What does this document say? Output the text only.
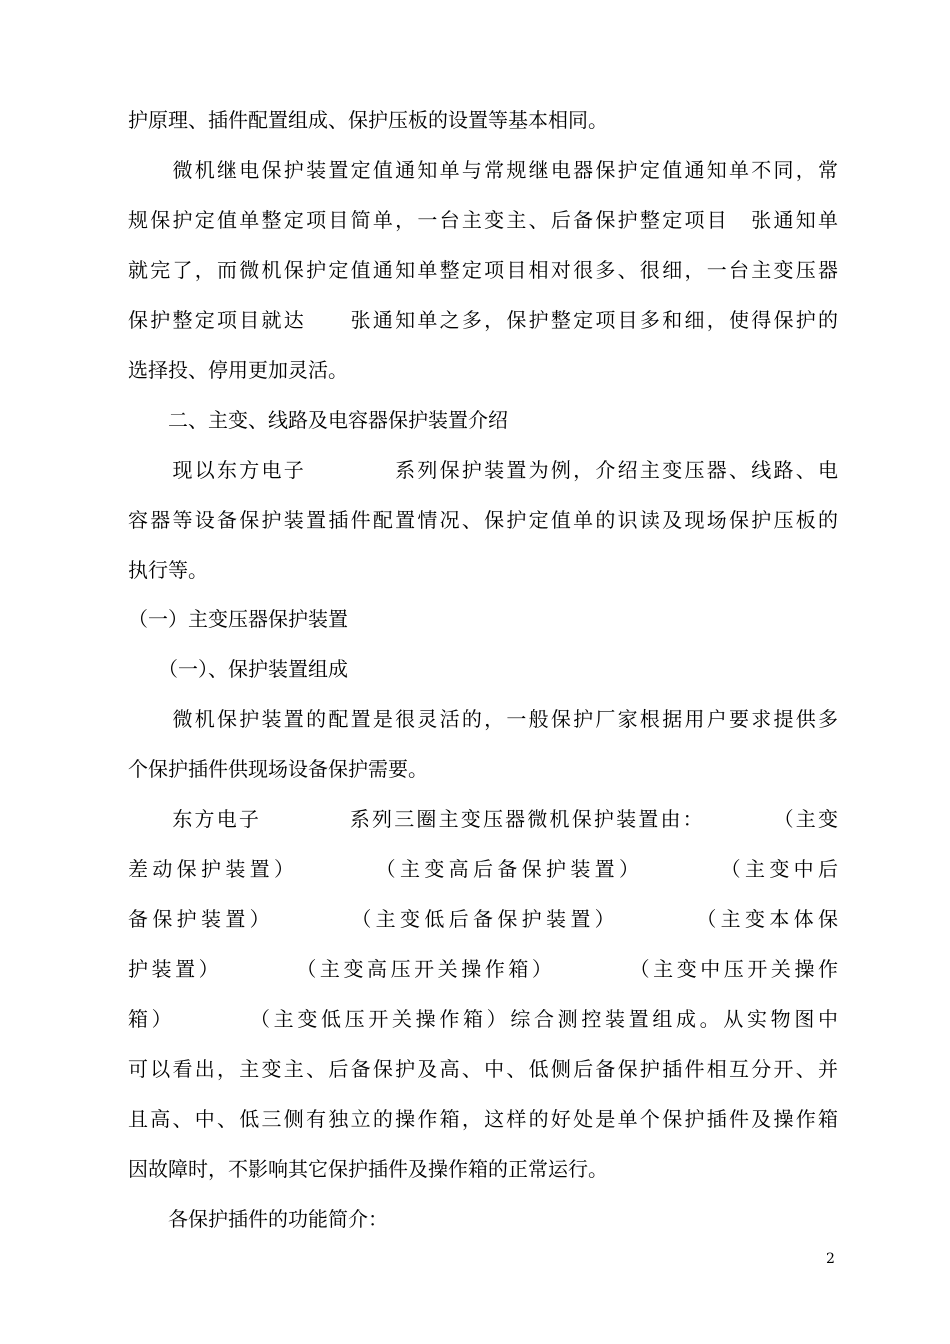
护原理、插件配置组成、保护压板的设置等基本相同。
　　微机继电保护装置定值通知单与常规继电器保护定值通知单不同，常
规保护定值单整定项目简单，一台主变主、后备保护整定项目　张通知单
就完了，而微机保护定值通知单整定项目相对很多、很细，一台主变压器
保护整定项目就达　　张通知单之多，保护整定项目多和细，使得保护的
选择投、停用更加灵活。
　　二、主变、线路及电容器保护装置介绍
　　现以东方电子　　　　系列保护装置为例，介绍主变压器、线路、电
容器等设备保护装置插件配置情况、保护定值单的识读及现场保护压板的
执行等。
（一）主变压器保护装置
　　（一）、保护装置组成
　　微机保护装置的配置是很灵活的，一般保护厂家根据用户要求提供多
个保护插件供现场设备保护需要。
　　东方电子　　　　系列三圈主变压器微机保护装置由：　　　　（主变
差动保护装置）　　　　（主变高后备保护装置）　　　　（主变中后
备保护装置）　　　　（主变低后备保护装置）　　　　（主变本体保
护装置）　　　　（主变高压开关操作箱）　　　　（主变中压开关操作
箱）　　　　（主变低压开关操作箱）综合测控装置组成。从实物图中
可以看出，主变主、后备保护及高、中、低侧后备保护插件相互分开、并
且高、中、低三侧有独立的操作箱，这样的好处是单个保护插件及操作箱
因故障时，不影响其它保护插件及操作箱的正常运行。
　　各保护插件的功能简介：
2
